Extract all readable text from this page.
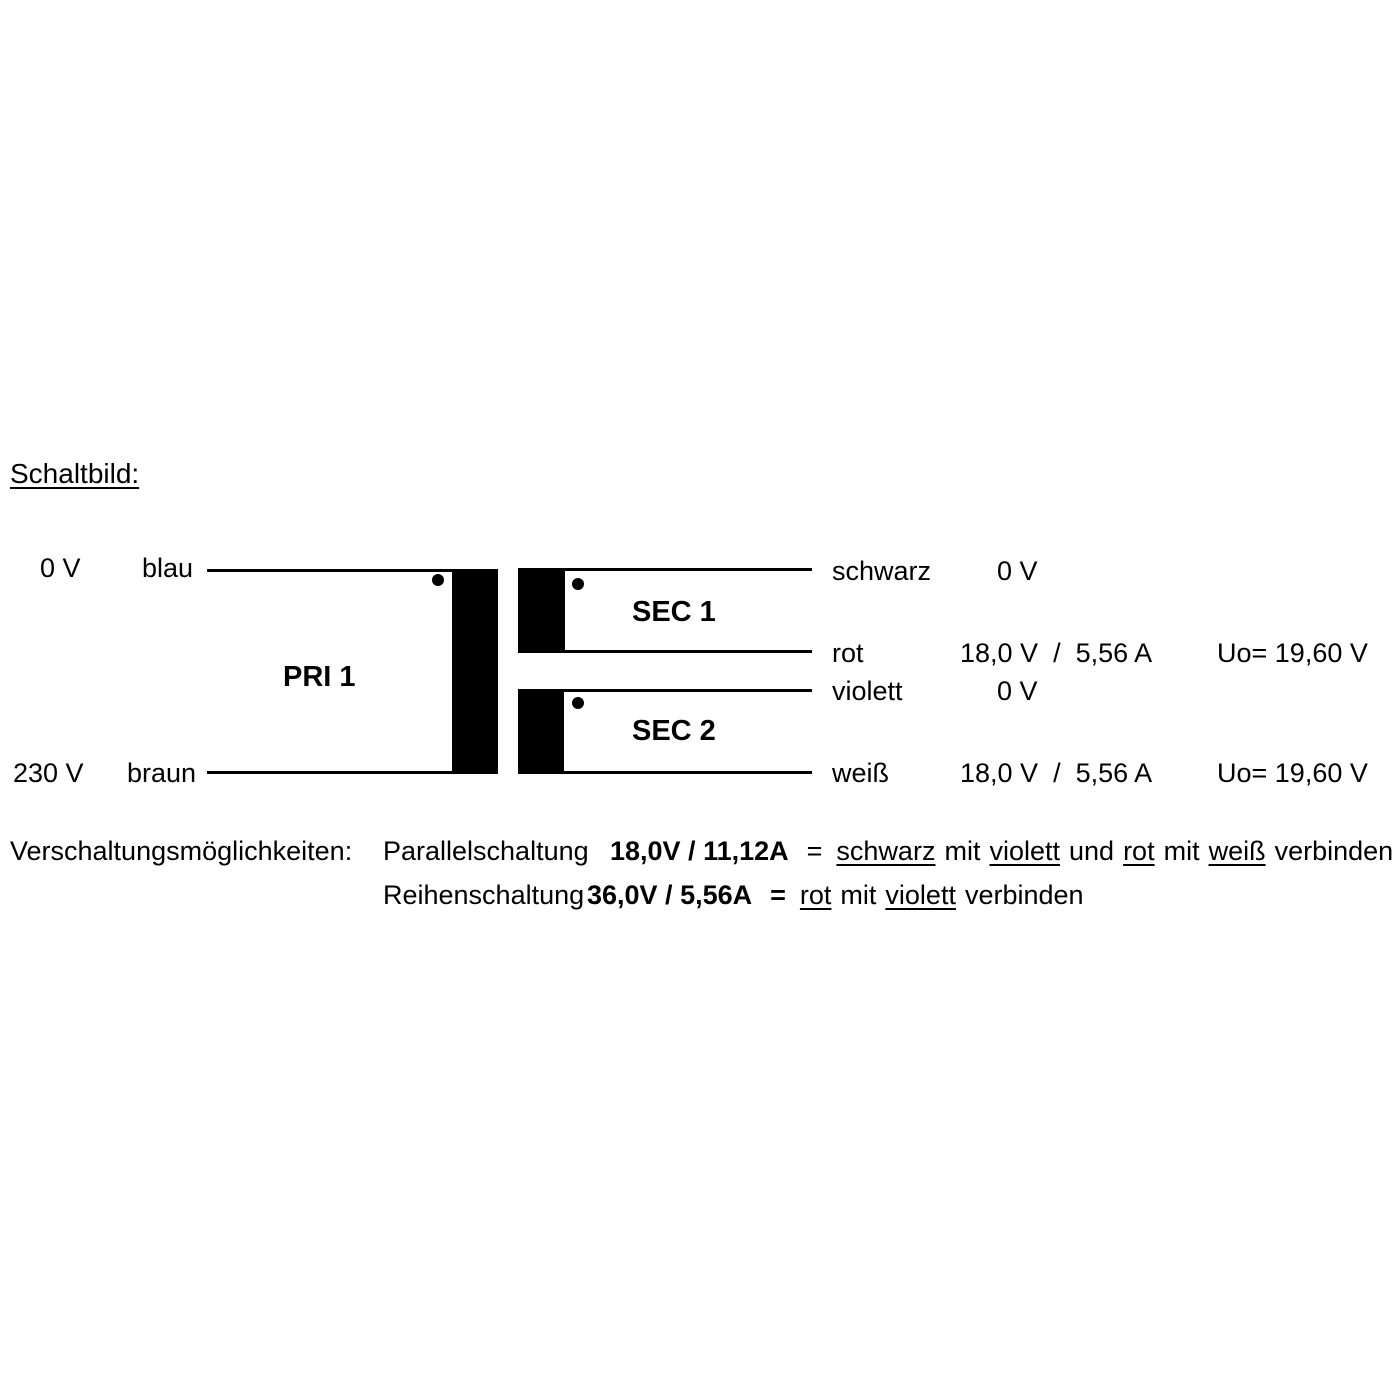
Schaltbild:
0 V blau
230 V braun
PRI 1
SEC 1
SEC 2
schwarz 0 V
rot	18,0 V  /  5,56 A Uo= 19,60 V
violett	0 V
weiß	18,0 V  /  5,56 A Uo= 19,60 V
Verschaltungsmöglichkeiten: Parallelschaltung 18,0V / 11,12A = schwarz mit violett und rot mit weiß verbinden
Reihenschaltung 36,0V / 5,56A = rot mit violett verbinden
